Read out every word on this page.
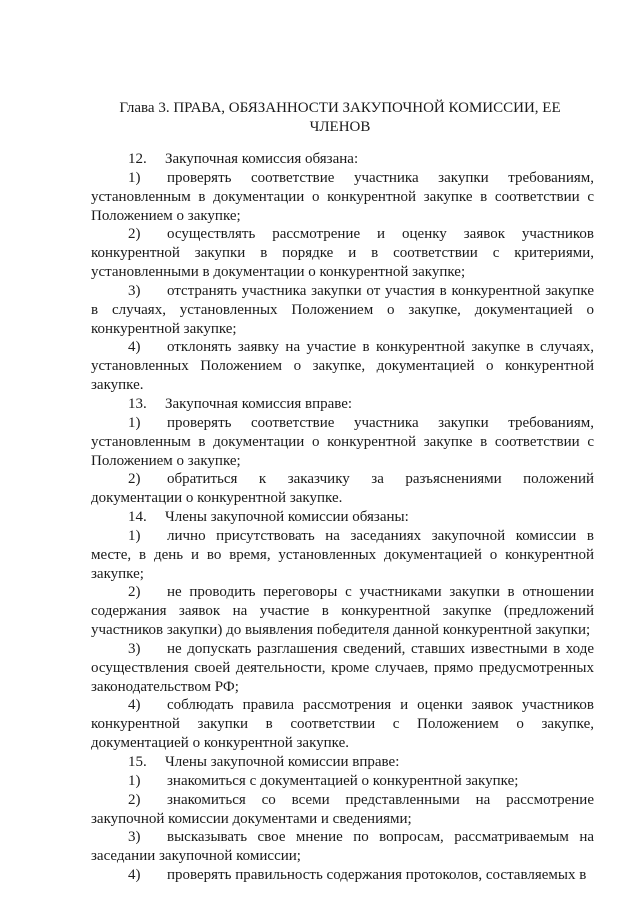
Глава 3. ПРАВА, ОБЯЗАННОСТИ ЗАКУПОЧНОЙ КОМИССИИ, ЕЕ
ЧЛЕНОВ

12. Закупочная комиссия обязана:

1) проверять соответствие участника закупки требованиям, установленным в документации о конкурентной закупке в соответствии с Положением о закупке;

2) осуществлять рассмотрение и оценку заявок участников конкурентной закупки в порядке и в соответствии с критериями, установленными в документации о конкурентной закупке;

3) отстранять участника закупки от участия в конкурентной закупке в случаях, установленных Положением о закупке, документацией о конкурентной закупке;

4) отклонять заявку на участие в конкурентной закупке в случаях, установленных Положением о закупке, документацией о конкурентной закупке.

13. Закупочная комиссия вправе:

1) проверять соответствие участника закупки требованиям, установленным в документации о конкурентной закупке в соответствии с Положением о закупке;

2) обратиться к заказчику за разъяснениями положений документации о конкурентной закупке.

14. Члены закупочной комиссии обязаны:

1) лично присутствовать на заседаниях закупочной комиссии в месте, в день и во время, установленных документацией о конкурентной закупке;

2) не проводить переговоры с участниками закупки в отношении содержания заявок на участие в конкурентной закупке (предложений участников закупки) до выявления победителя данной конкурентной закупки;

3) не допускать разглашения сведений, ставших известными в ходе осуществления своей деятельности, кроме случаев, прямо предусмотренных законодательством РФ;

4) соблюдать правила рассмотрения и оценки заявок участников конкурентной закупки в соответствии с Положением о закупке, документацией о конкурентной закупке.

15. Члены закупочной комиссии вправе:

1) знакомиться с документацией о конкурентной закупке;

2) знакомиться со всеми представленными на рассмотрение закупочной комиссии документами и сведениями;

3) высказывать свое мнение по вопросам, рассматриваемым на заседании закупочной комиссии;

4) проверять правильность содержания протоколов, составляемых в
